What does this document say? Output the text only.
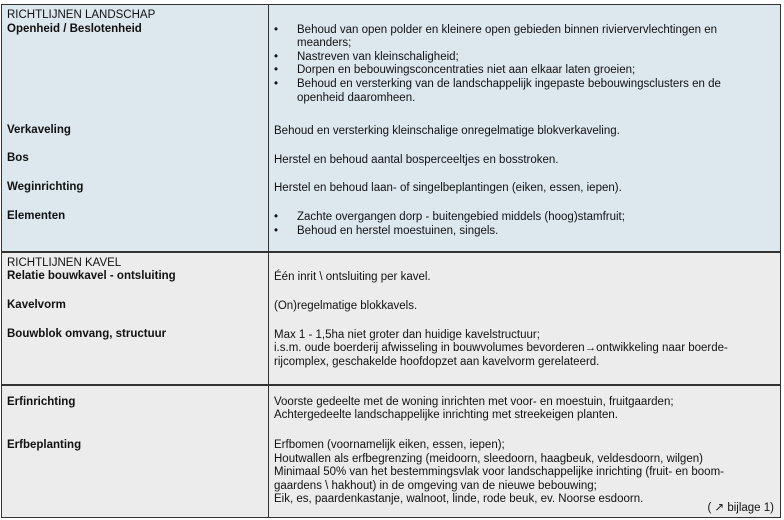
RICHTLIJNEN LANDSCHAP
Openheid / Beslotenheid
Verkaveling
Bos
Weginrichting
Elementen
Behoud van open polder en kleinere open gebieden binnen riviervervlechtingen en
meanders;
Nastreven van kleinschaligheid;
Dorpen en bebouwingsconcentraties niet aan elkaar laten groeien;
Behoud en versterking van de landschappelijk ingepaste bebouwingsclusters en de
openheid daaromheen.
Behoud en versterking kleinschalige onregelmatige blokverkaveling.
Herstel en behoud aantal bosperceeltjes en bosstroken.
Herstel en behoud laan- of singelbeplantingen (eiken, essen, iepen).
Zachte overgangen dorp - buitengebied middels (hoog)stamfruit;
Behoud en herstel moestuinen, singels.
RICHTLIJNEN KAVEL
Relatie bouwkavel - ontsluiting
Kavelvorm
Bouwblok omvang, structuur
Één inrit \ ontsluiting per kavel.
(On)regelmatige blokkavels.
Max 1 - 1,5ha niet groter dan huidige kavelstructuur;
i.s.m. oude boerderij afwisseling in bouwvolumes bevorderen→ontwikkeling naar boerde-
rijcomplex, geschakelde hoofdopzet aan kavelvorm gerelateerd.
Erfinrichting
Erfbeplanting
Voorste gedeelte met de woning inrichten met voor- en moestuin, fruitgaarden;
Achtergedeelte landschappelijke inrichting met streekeigen planten.
Erfbomen (voornamelijk eiken, essen, iepen);
Houtwallen als erfbegrenzing (meidoorn, sleedoorn, haagbeuk, veldesdoorn, wilgen)
Minimaal 50% van het bestemmingsvlak voor landschappelijke inrichting (fruit- en boom-
gaardens \ hakhout) in de omgeving van de nieuwe bebouwing;
Eik, es, paardenkastanje, walnoot, linde, rode beuk, ev. Noorse esdoorn.
( ↗ bijlage 1)
